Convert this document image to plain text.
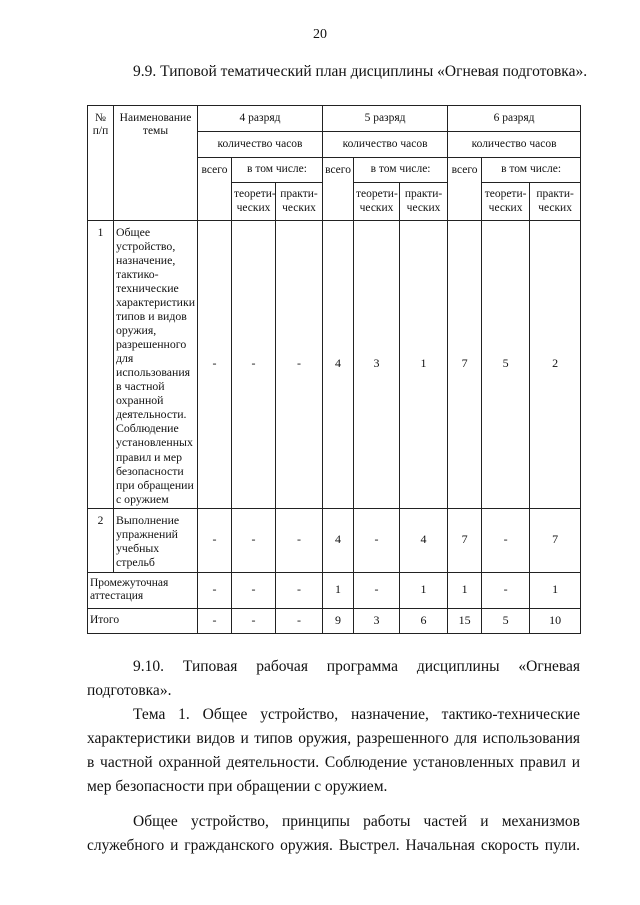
20
9.9. Типовой тематический план дисциплины «Огневая подготовка».
№ п/п	Наименование темы	4 разряд			5 разряд			6 разряд		
		количество часов			количество часов			количество часов		
		всего	в том числе:		всего	в том числе:		всего	в том числе:	
			теорети-ческих	практи-ческих		теорети-ческих	практи-ческих		теорети-ческих	практи-ческих
1	Общее устройство, назначение, тактико-технические характеристики типов и видов оружия, разрешенного для использования в частной охранной деятельности. Соблюдение установленных правил и мер безопасности при обращении с оружием	-	-	-	4	3	1	7	5	2
2	Выполнение упражнений учебных стрельб	-	-	-	4	-	4	7	-	7
Промежуточная аттестация		-	-	-	1	-	1	1	-	1
Итого		-	-	-	9	3	6	15	5	10

9.10. Типовая рабочая программа дисциплины «Огневая

подготовка».

Тема 1. Общее устройство, назначение, тактико-технические

характеристики видов и типов оружия, разрешенного для использования

в частной охранной деятельности. Соблюдение установленных правил и

мер безопасности при обращении с оружием.

Общее устройство, принципы работы частей и механизмов

служебного и гражданского оружия. Выстрел. Начальная скорость пули.
